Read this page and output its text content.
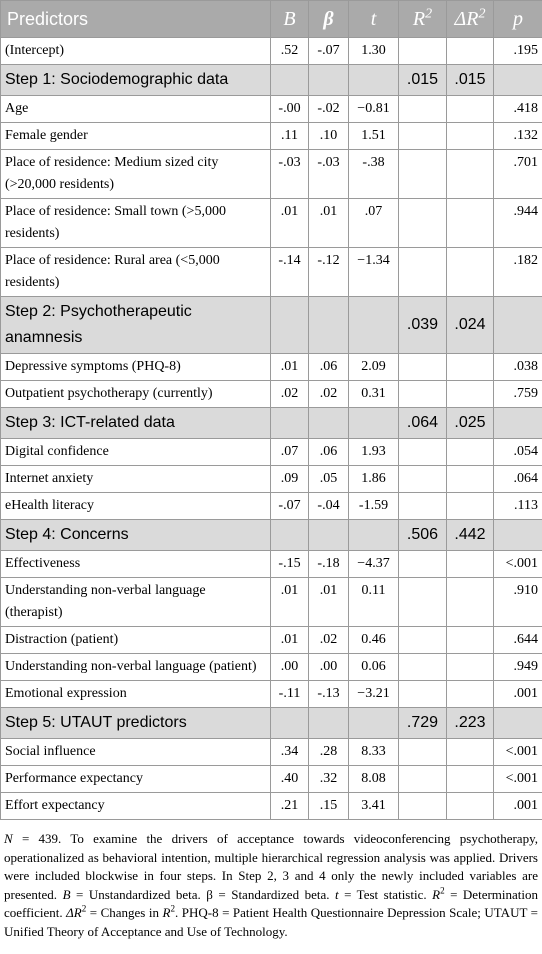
Predictors	B	β	t	$R^2$	$\Delta R^2$	p
(Intercept)	.52	-.07	1.30			.195
Step 1: Sociodemographic data				.015	.015	
Age	-.00	-.02	−0.81			.418
Female gender	.11	.10	1.51			.132
Place of residence: Medium sized city (>20,000 residents)	-.03	-.03	-.38			.701
Place of residence: Small town (>5,000 residents)	.01	.01	.07			.944
Place of residence: Rural area (<5,000 residents)	-.14	-.12	−1.34			.182
Step 2: Psychotherapeutic anamnesis				.039	.024	
Depressive symptoms (PHQ-8)	.01	.06	2.09			.038
Outpatient psychotherapy (currently)	.02	.02	0.31			.759
Step 3: ICT-related data				.064	.025	
Digital confidence	.07	.06	1.93			.054
Internet anxiety	.09	.05	1.86			.064
eHealth literacy	-.07	-.04	-1.59			.113
Step 4: Concerns				.506	.442	
Effectiveness	-.15	-.18	−4.37			<.001
Understanding non-verbal language (therapist)	.01	.01	0.11			.910
Distraction (patient)	.01	.02	0.46			.644
Understanding non-verbal language (patient)	.00	.00	0.06			.949
Emotional expression	-.11	-.13	−3.21			.001
Step 5: UTAUT predictors				.729	.223	
Social influence	.34	.28	8.33			<.001
Performance expectancy	.40	.32	8.08			<.001
Effort expectancy	.21	.15	3.41			.001
N = 439. To examine the drivers of acceptance towards videoconferencing psychotherapy, operationalized as behavioral intention, multiple hierarchical regression analysis was applied. Drivers were included blockwise in four steps. In Step 2, 3 and 4 only the newly included variables are presented. B = Unstandardized beta. β = Standardized beta. t = Test statistic. $R^2$ = Determination coefficient. $\Delta R^2$ = Changes in $R^2$. PHQ-8 = Patient Health Questionnaire Depression Scale; UTAUT = Unified Theory of Acceptance and Use of Technology.
